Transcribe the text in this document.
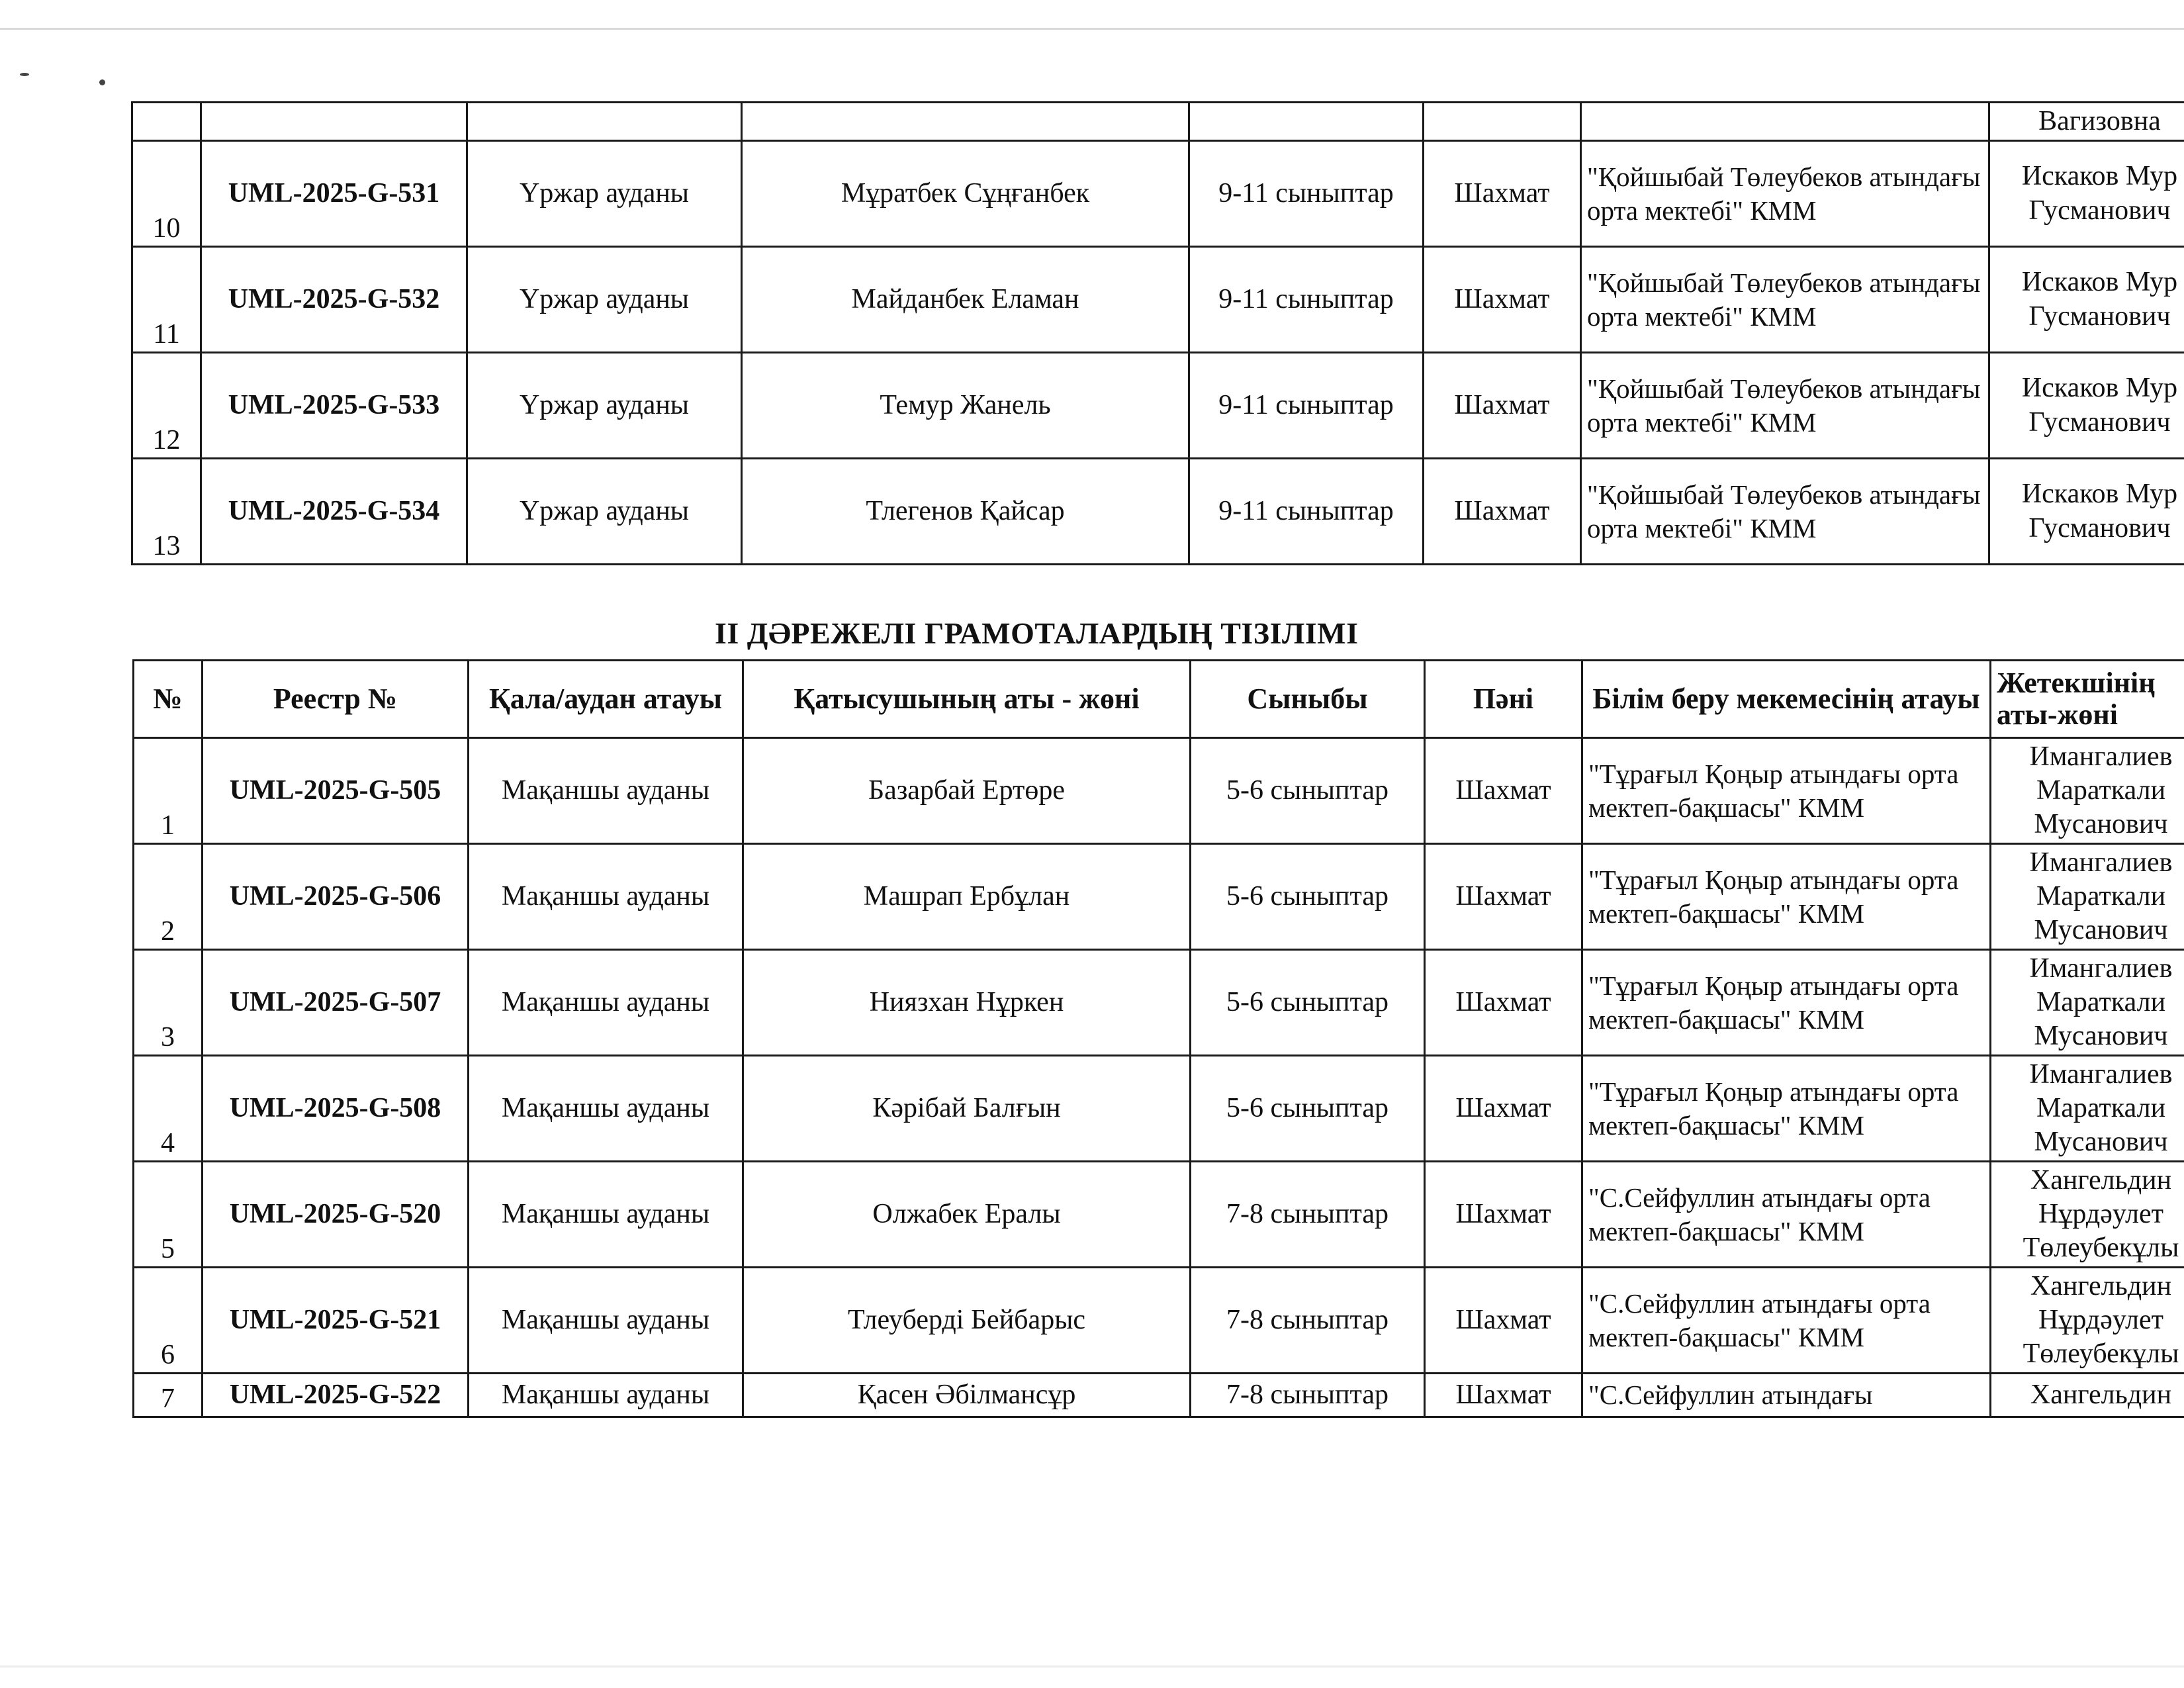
							Вагизовна
10	UML-2025-G-531	Үржар ауданы	Мұратбек Сұңғанбек	9-11 сыныптар	Шахмат	"Қойшыбай Төлеубеков атындағы орта мектебі" КММ	Искаков Мур
Гусманович

11	UML-2025-G-532	Үржар ауданы	Майданбек Еламан	9-11 сыныптар	Шахмат	"Қойшыбай Төлеубеков атындағы орта мектебі" КММ	Искаков Мур
Гусманович

12	UML-2025-G-533	Үржар ауданы	Темур Жанель	9-11 сыныптар	Шахмат	"Қойшыбай Төлеубеков атындағы орта мектебі" КММ	Искаков Мур
Гусманович

13	UML-2025-G-534	Үржар ауданы	Тлегенов Қайсар	9-11 сыныптар	Шахмат	"Қойшыбай Төлеубеков атындағы орта мектебі" КММ	Искаков Мур
Гусманович
II ДӘРЕЖЕЛІ ГРАМОТАЛАРДЫҢ ТІЗІЛІМІ
№	Реестр №	Қала/аудан атауы	Қатысушының аты - жөні	Сыныбы	Пәні	Білім беру мекемесінің атауы	Жетекшінің аты-жөні
1	UML-2025-G-505	Мақаншы ауданы	Базарбай Ертөре	5-6 сыныптар	Шахмат	"Тұрағыл Қоңыр атындағы орта мектеп-бақшасы" КММ	Имангалиев
Мараткали
Мусанович

2	UML-2025-G-506	Мақаншы ауданы	Машрап Ербұлан	5-6 сыныптар	Шахмат	"Тұрағыл Қоңыр атындағы орта мектеп-бақшасы" КММ	Имангалиев
Мараткали
Мусанович

3	UML-2025-G-507	Мақаншы ауданы	Ниязхан Нұркен	5-6 сыныптар	Шахмат	"Тұрағыл Қоңыр атындағы орта мектеп-бақшасы" КММ	Имангалиев
Мараткали
Мусанович

4	UML-2025-G-508	Мақаншы ауданы	Кәрібай Балғын	5-6 сыныптар	Шахмат	"Тұрағыл Қоңыр атындағы орта мектеп-бақшасы" КММ	Имангалиев
Мараткали
Мусанович

5	UML-2025-G-520	Мақаншы ауданы	Олжабек Ералы	7-8 сыныптар	Шахмат	"С.Сейфуллин атындағы орта мектеп-бақшасы" КММ	Хангельдин
Нұрдәулет
Төлеубекұлы

6	UML-2025-G-521	Мақаншы ауданы	Тлеуберді Бейбарыс	7-8 сыныптар	Шахмат	"С.Сейфуллин атындағы орта мектеп-бақшасы" КММ	Хангельдин
Нұрдәулет
Төлеубекұлы

7	UML-2025-G-522	Мақаншы ауданы	Қасен Әбілмансұр	7-8 сыныптар	Шахмат	"С.Сейфуллин атындағы	Хангельдин
